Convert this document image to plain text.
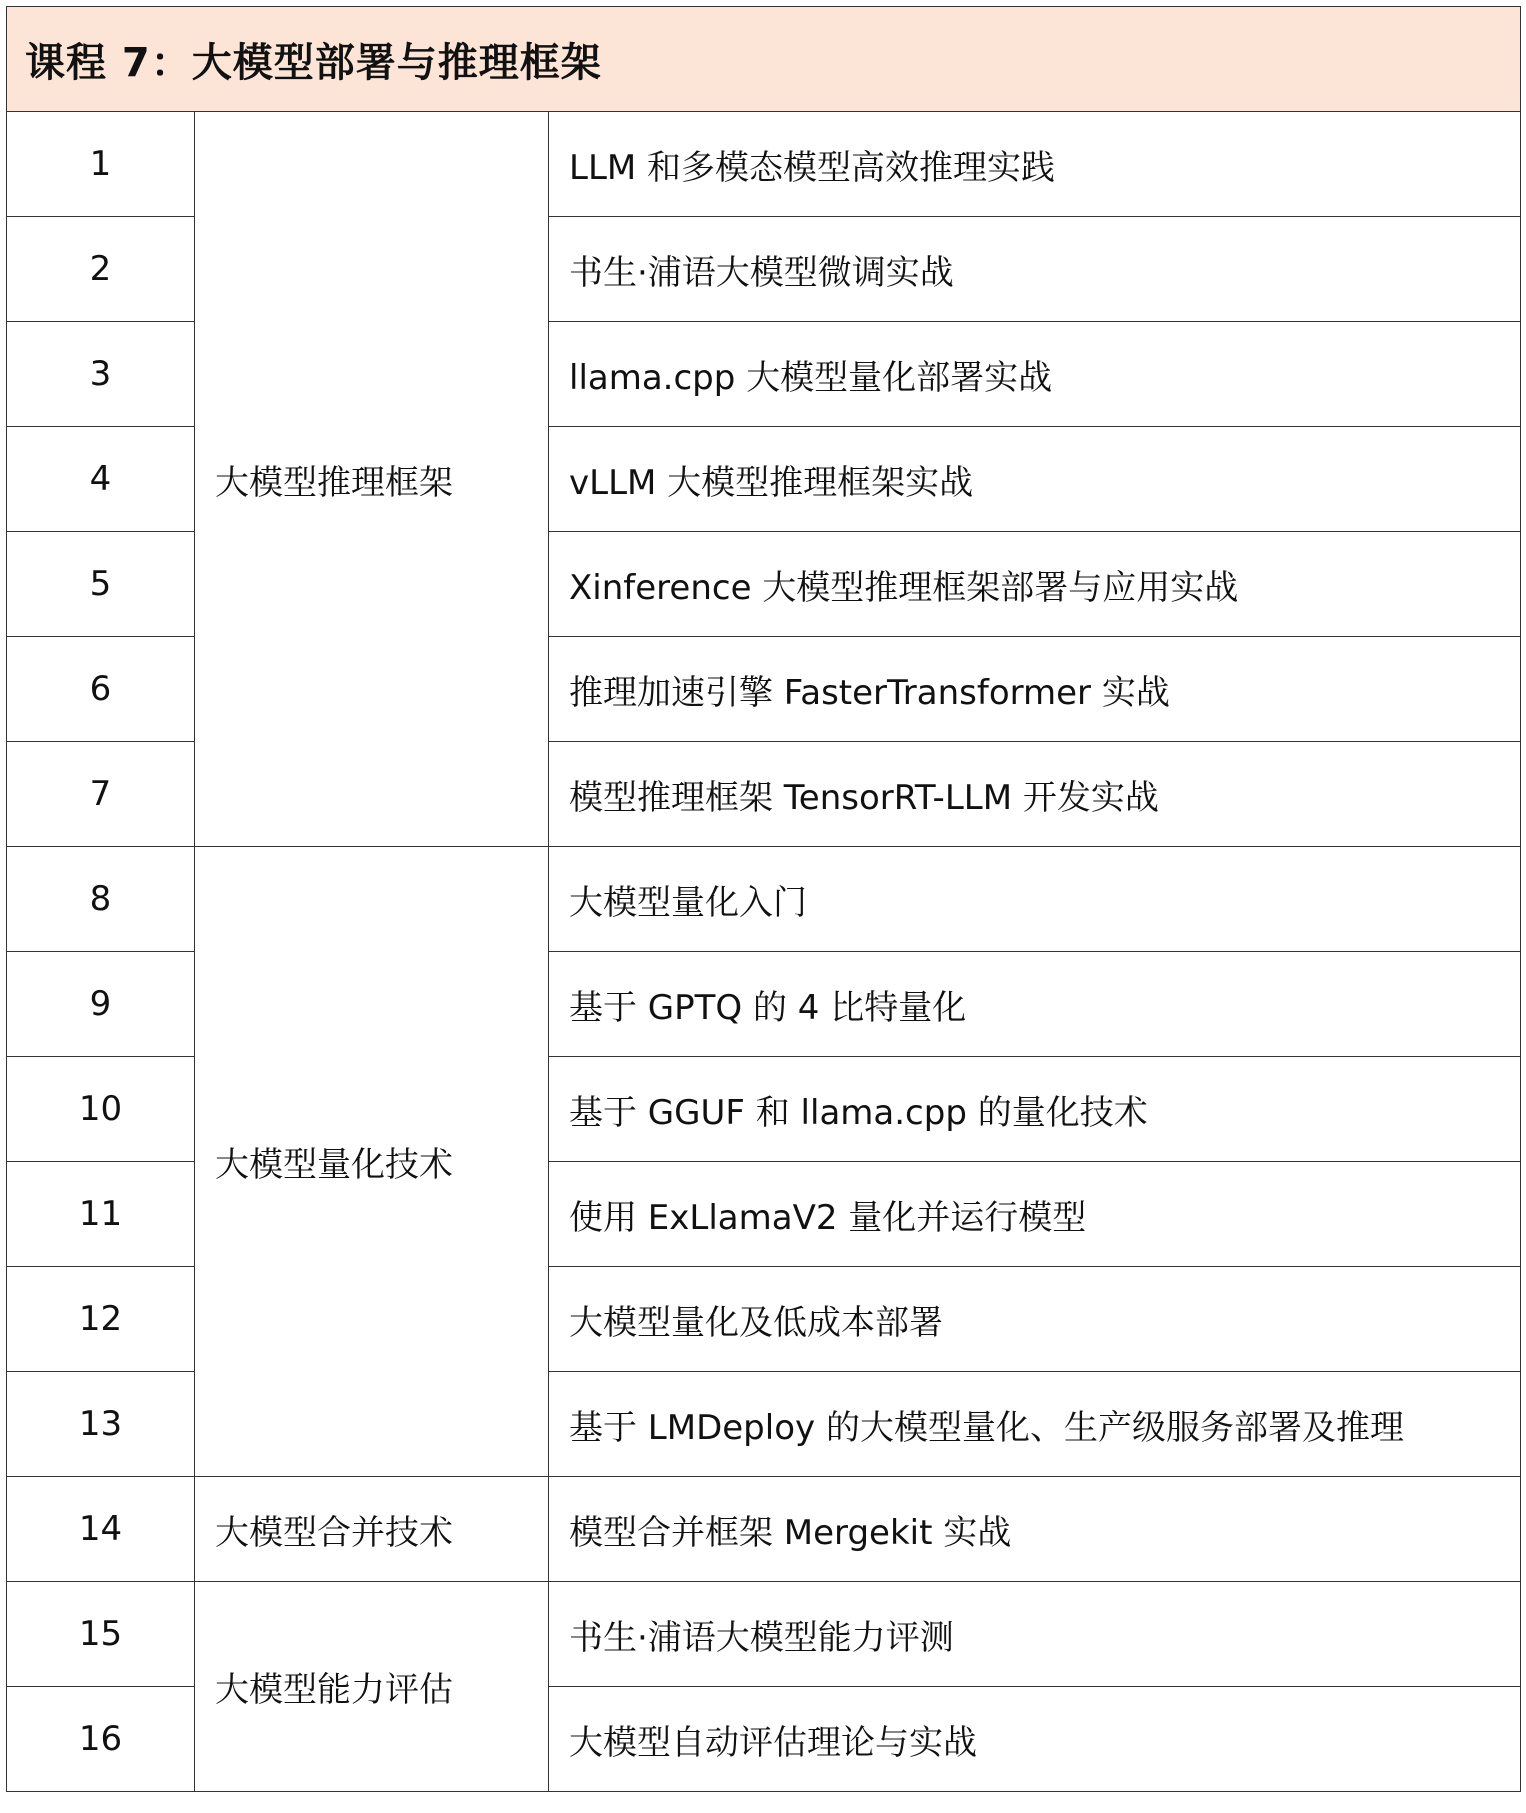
课程 7：大模型部署与推理框架		
1	大模型推理框架	LLM 和多模态模型高效推理实践
2		书生·浦语大模型微调实战
3		llama.cpp 大模型量化部署实战
4		vLLM 大模型推理框架实战
5		Xinference 大模型推理框架部署与应用实战
6		推理加速引擎 FasterTransformer 实战
7		模型推理框架 TensorRT-LLM 开发实战
8	大模型量化技术	大模型量化入门
9		基于 GPTQ 的 4 比特量化
10		基于 GGUF 和 llama.cpp 的量化技术
11		使用 ExLlamaV2 量化并运行模型
12		大模型量化及低成本部署
13		基于 LMDeploy 的大模型量化、生产级服务部署及推理
14	大模型合并技术	模型合并框架 Mergekit 实战
15	大模型能力评估	书生·浦语大模型能力评测
16		大模型自动评估理论与实战
